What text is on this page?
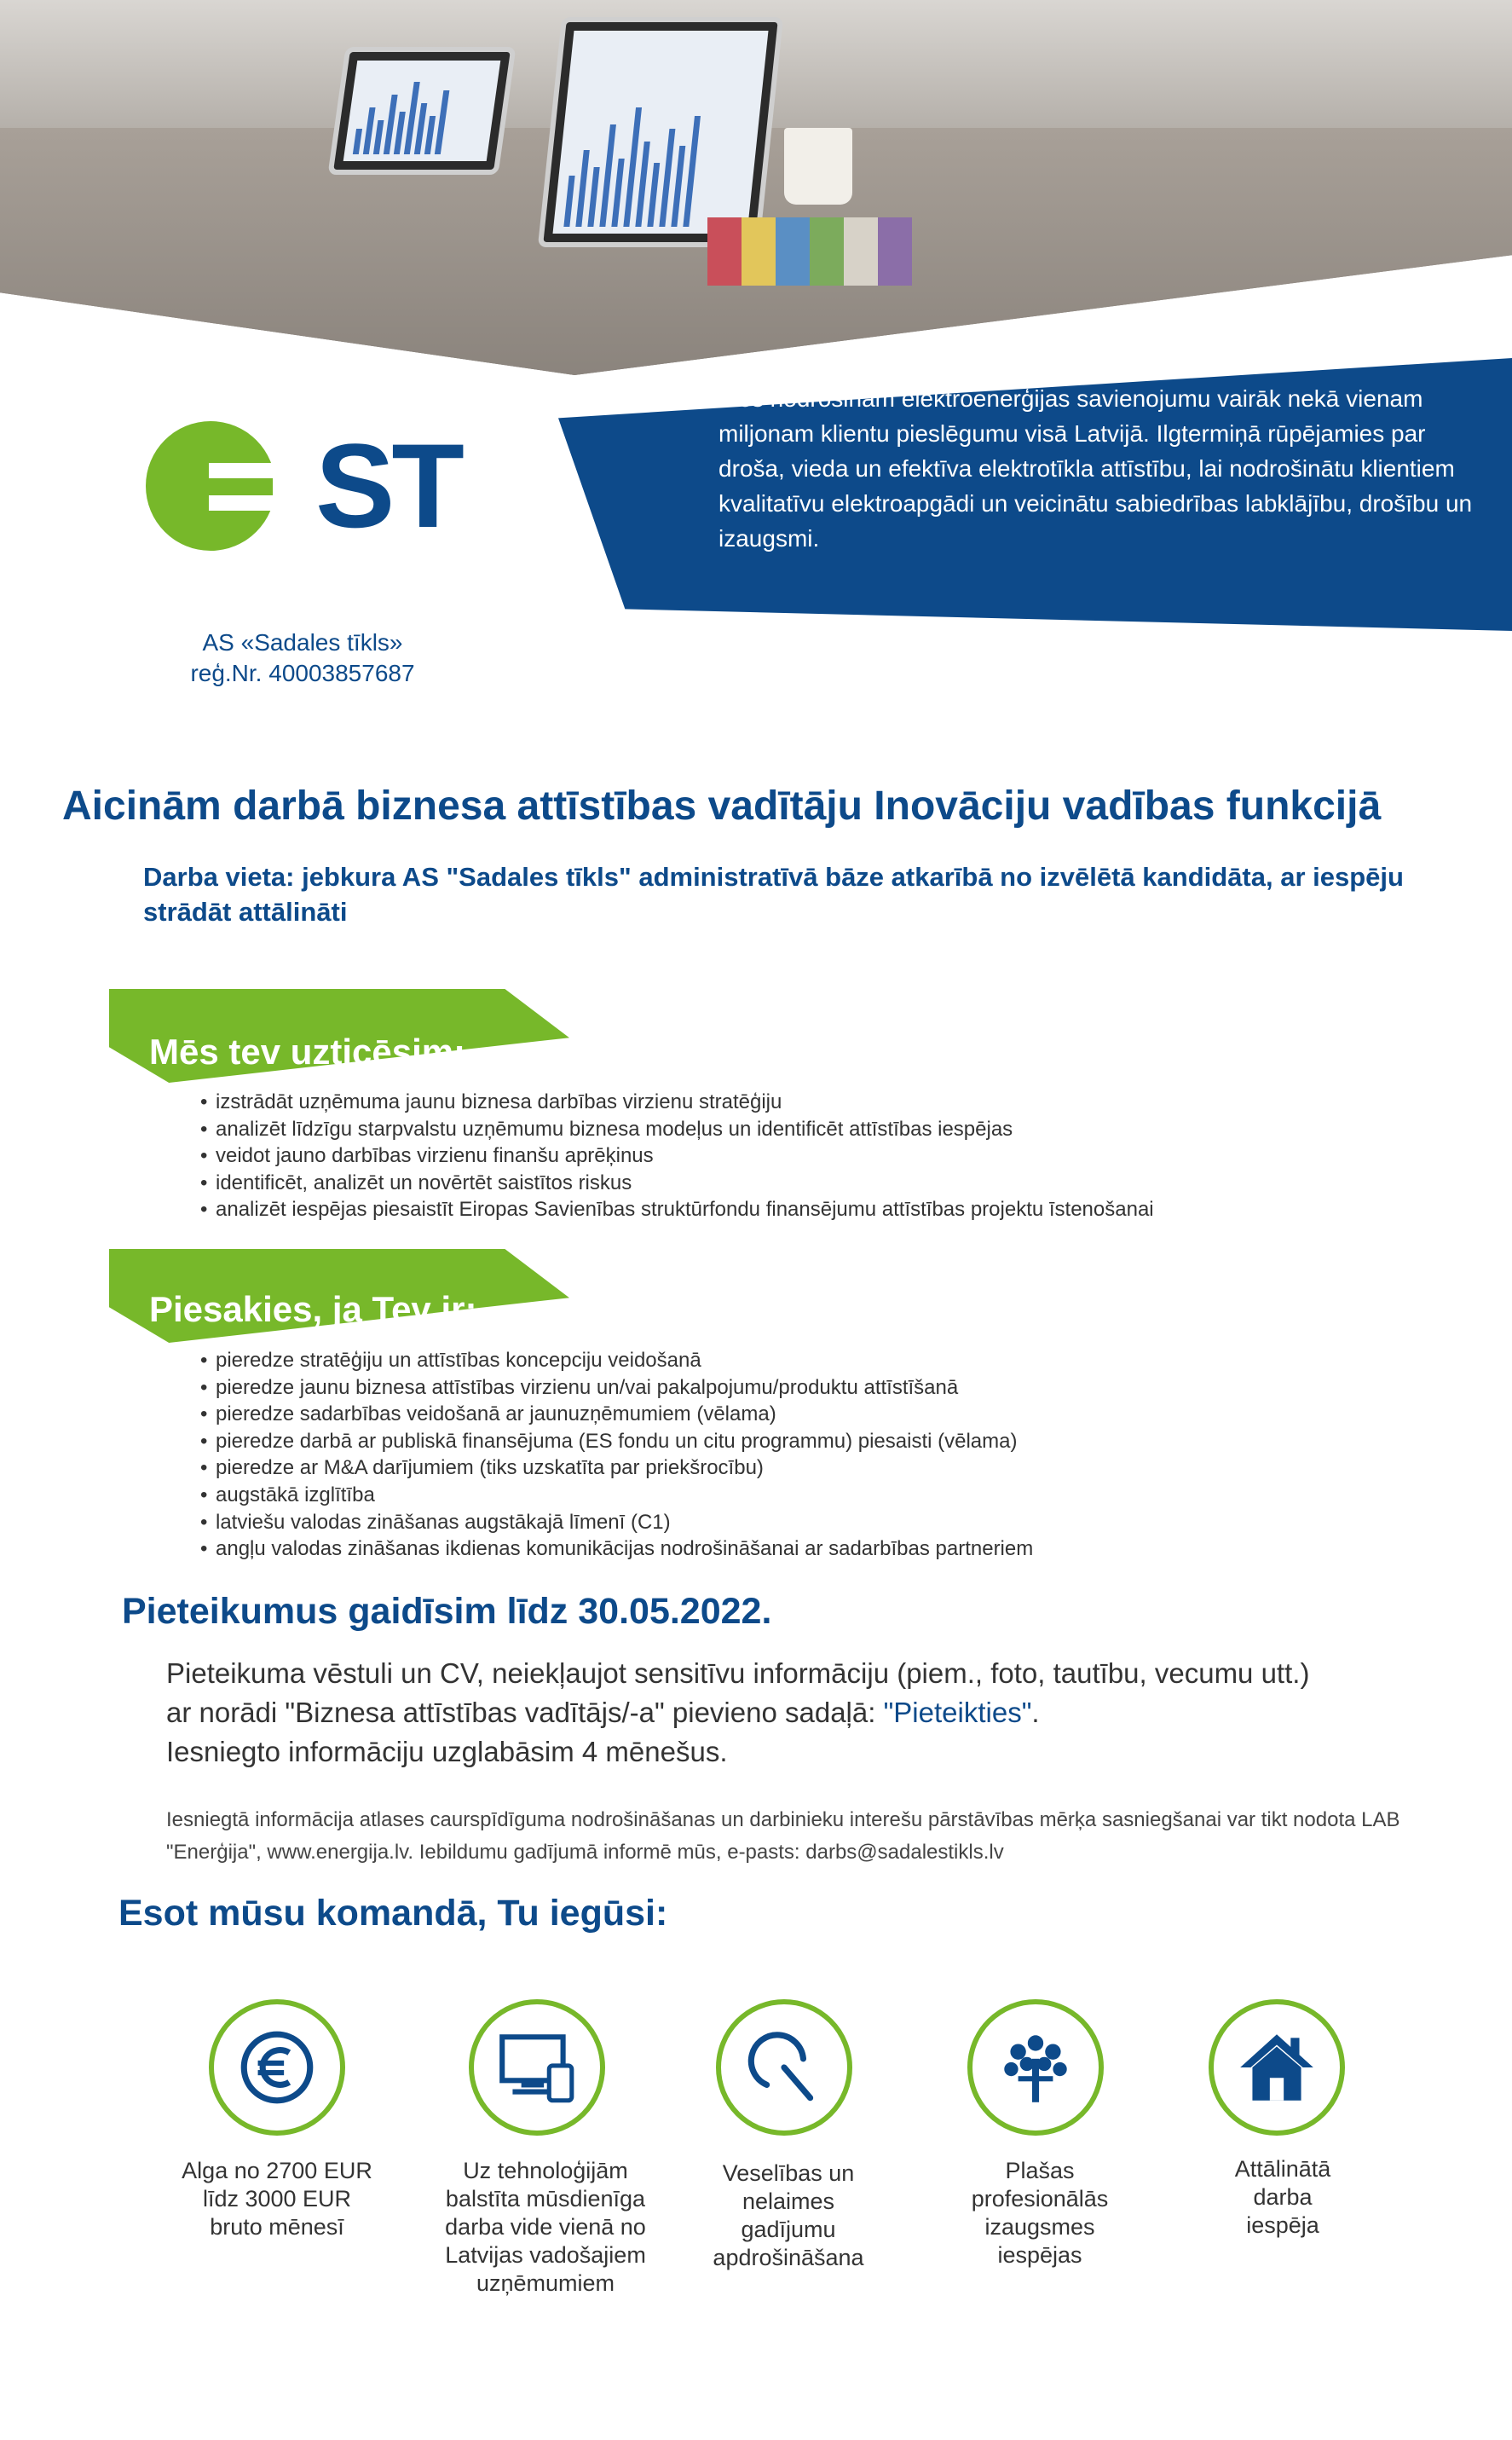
Mēs nodrošinām elektroenerģijas savienojumu vairāk nekā vienam miljonam klientu pieslēgumu visā Latvijā. Ilgtermiņā rūpējamies par droša, vieda un efektīva elektrotīkla attīstību, lai nodrošinātu klientiem kvalitatīvu elektroapgādi un veicinātu sabiedrības labklājību, drošību un izaugsmi.

ST
AS «Sadales tīkls»
reģ.Nr. 40003857687
Aicinām darbā biznesa attīstības vadītāju Inovāciju vadības funkcijā

Darba vieta: jebkura AS "Sadales tīkls" administratīvā bāze atkarībā no izvēlētā kandidāta, ar iespēju strādāt attālināti

Mēs tev uzticēsim:
• izstrādāt uzņēmuma jaunu biznesa darbības virzienu stratēģiju
• analizēt līdzīgu starpvalstu uzņēmumu biznesa modeļus un identificēt attīstības iespējas
• veidot jauno darbības virzienu finanšu aprēķinus
• identificēt, analizēt un novērtēt saistītos riskus
• analizēt iespējas piesaistīt Eiropas Savienības struktūrfondu finansējumu attīstības projektu īstenošanai
Piesakies, ja Tev ir:
• pieredze stratēģiju un attīstības koncepciju veidošanā
• pieredze jaunu biznesa attīstības virzienu un/vai pakalpojumu/produktu attīstīšanā
• pieredze sadarbības veidošanā ar jaunuzņēmumiem (vēlama)
• pieredze darbā ar publiskā finansējuma (ES fondu un citu programmu) piesaisti (vēlama)
• pieredze ar M&A darījumiem (tiks uzskatīta par priekšrocību)
• augstākā izglītība
• latviešu valodas zināšanas augstākajā līmenī (C1)
• angļu valodas zināšanas ikdienas komunikācijas nodrošināšanai ar sadarbības partneriem
Pieteikumus gaidīsim līdz 30.05.2022.
Pieteikuma vēstuli un CV, neiekļaujot sensitīvu informāciju (piem., foto, tautību, vecumu utt.)
ar norādi "Biznesa attīstības vadītājs/-a" pievieno sadaļā: "Pieteikties".
Iesniegto informāciju uzglabāsim 4 mēnešus.

Iesniegtā informācija atlases caurspīdīguma nodrošināšanas un darbinieku interešu pārstāvības mērķa sasniegšanai var tikt nodota LAB "Enerģija", www.energija.lv. Iebildumu gadījumā informē mūs, e-pasts: darbs@sadalestikls.lv

Esot mūsu komandā, Tu iegūsi:
Alga no 2700 EUR
līdz 3000 EUR
bruto mēnesī
Uz tehnoloģijām
balstīta mūsdienīga
darba vide vienā no
Latvijas vadošajiem
uzņēmumiem
Veselības un
nelaimes
gadījumu
apdrošināšana
Plašas
profesionālās
izaugsmes
iespējas
Attālinātā
darba
iespēja
